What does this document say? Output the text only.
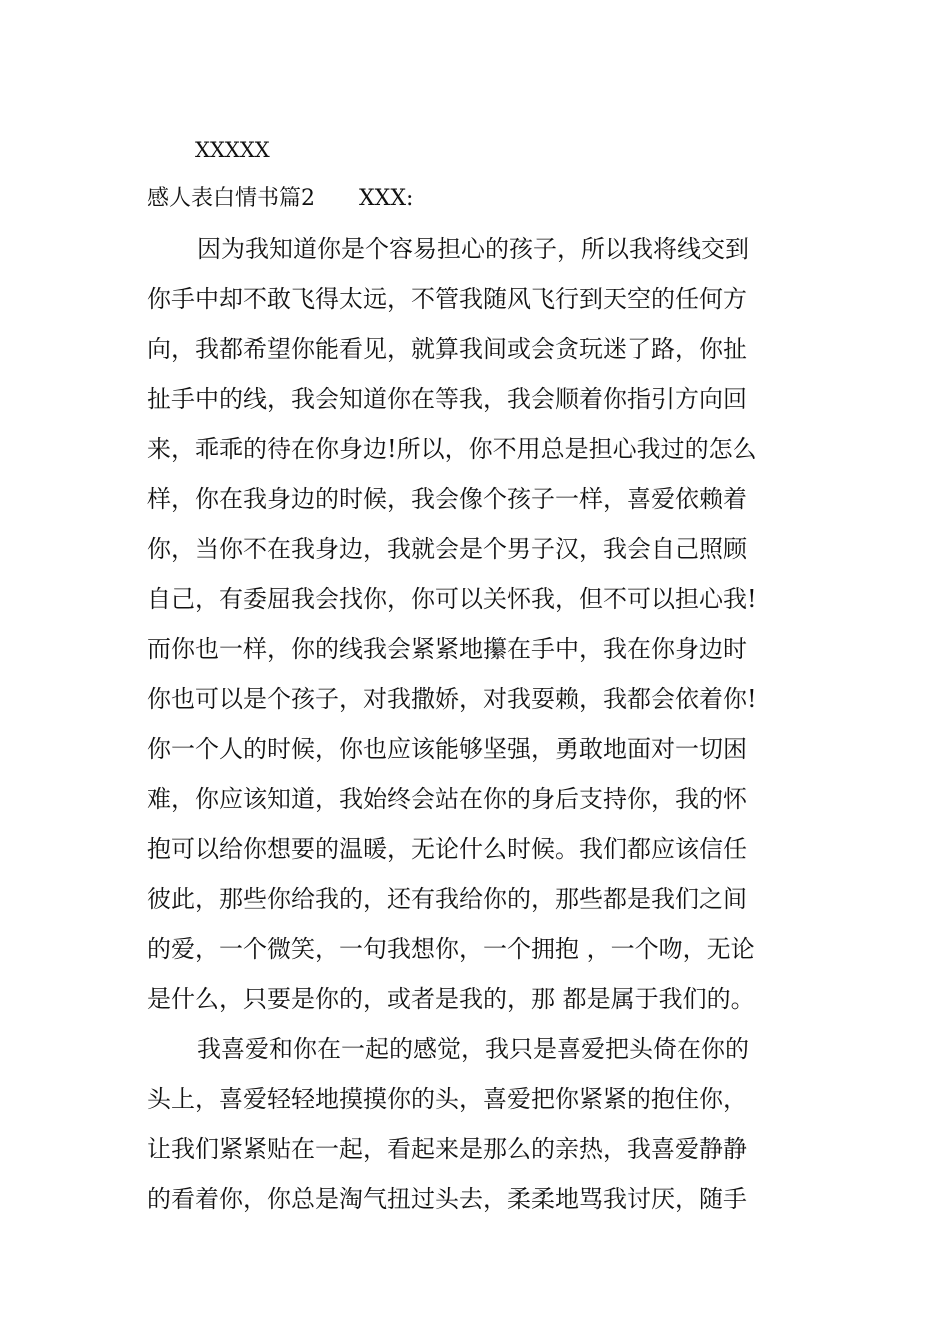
XXXXX
感人表白情书篇2 XXX:
因为我知道你是个容易担心的孩子，所以我将线交到
你手中却不敢飞得太远，不管我随风飞行到天空的任何方
向，我都希望你能看见，就算我间或会贪玩迷了路，你扯
扯手中的线，我会知道你在等我，我会顺着你指引方向回
来，乖乖的待在你身边!所以，你不用总是担心我过的怎么
样，你在我身边的时候，我会像个孩子一样，喜爱依赖着
你，当你不在我身边，我就会是个男子汉，我会自己照顾
自己，有委屈我会找你，你可以关怀我，但不可以担心我!
而你也一样，你的线我会紧紧地攥在手中，我在你身边时
你也可以是个孩子，对我撒娇，对我耍赖，我都会依着你!
你一个人的时候，你也应该能够坚强，勇敢地面对一切困
难，你应该知道，我始终会站在你的身后支持你，我的怀
抱可以给你想要的温暖，无论什么时候。我们都应该信任
彼此，那些你给我的，还有我给你的，那些都是我们之间
的爱，一个微笑，一句我想你，一个拥抱 ，一个吻，无论
是什么，只要是你的，或者是我的，那 都是属于我们的。
我喜爱和你在一起的感觉，我只是喜爱把头倚在你的
头上，喜爱轻轻地摸摸你的头，喜爱把你紧紧的抱住你，
让我们紧紧贴在一起，看起来是那么的亲热，我喜爱静静
的看着你，你总是淘气扭过头去，柔柔地骂我讨厌，随手
